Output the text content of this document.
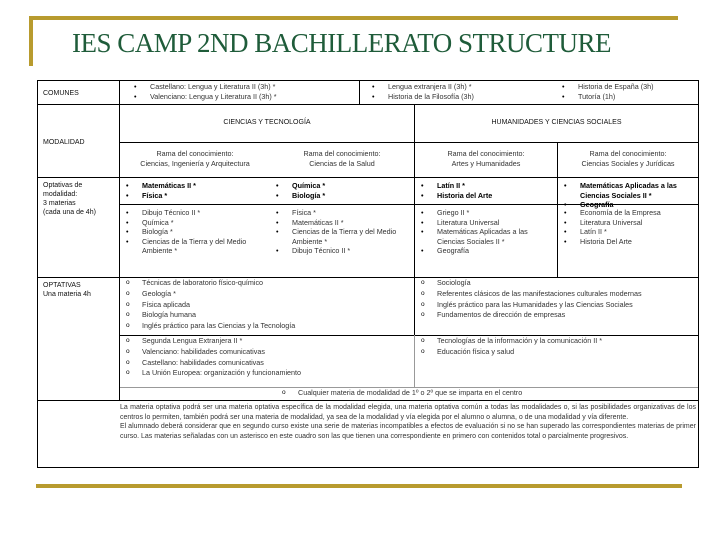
IES CAMP 2ND BACHILLERATO STRUCTURE
COMUNES
• Castellano: Lengua y Literatura II (3h) *
• Valenciano: Lengua y Literatura II (3h) *
• Lengua extranjera II (3h) *
• Historia de la Filosofía (3h)
• Historia de España (3h)
• Tutoría (1h)
MODALIDAD
CIENCIAS Y TECNOLOGÍA	HUMANIDADES Y CIENCIAS SOCIALES
Rama del conocimiento:
Ciencias, Ingeniería y Arquitectura
Rama del conocimiento:
Ciencias de la Salud
Rama del conocimiento:
Artes y Humanidades
Rama del conocimiento:
Ciencias Sociales y Jurídicas
Optativas de
modalidad:
3 materias
(cada una de 4h)
• Matemáticas II *
• Física *
• Química *
• Biología *
• Latín II *
• Historia del Arte
• Matemáticas Aplicadas a las Ciencias Sociales II *
• Geografía
• Dibujo Técnico II *
• Química *
• Biología *
• Ciencias de la Tierra y del Medio Ambiente *
• Física *
• Matemáticas II *
• Ciencias de la Tierra y del Medio Ambiente *
• Dibujo Técnico II *
• Griego II *
• Literatura Universal
• Matemáticas Aplicadas a las Ciencias Sociales II *
• Geografía
• Economía de la Empresa
• Literatura Universal
• Latín II *
• Historia Del Arte
OPTATIVAS
Una materia 4h
o Técnicas de laboratorio físico-químico
o Geología *
o Física aplicada
o Biología humana
o Inglés práctico para las Ciencias y la Tecnología
o Sociología
o Referentes clásicos de las manifestaciones culturales modernas
o Inglés práctico para las Humanidades y las Ciencias Sociales
o Fundamentos de dirección de empresas
o Segunda Lengua Extranjera II *
o Valenciano: habilidades comunicativas
o Castellano: habilidades comunicativas
o La Unión Europea: organización y funcionamiento
o Tecnologías de la información y la comunicación II *
o Educación física y salud
o Cualquier materia de modalidad de 1º o 2º que se imparta en el centro
La materia optativa podrá ser una materia optativa específica de la modalidad elegida, una materia optativa común a todas las modalidades o, si las posibilidades organizativas de los centros lo permiten, también podrá ser una materia de modalidad, ya sea de la modalidad y vía elegida por el alumno o alumna, o de una modalidad y vía diferente.
El alumnado deberá considerar que en segundo curso existe una serie de materias incompatibles a efectos de evaluación si no se han superado las correspondientes materias de primer curso. Las materias señaladas con un asterisco en este cuadro son las que tienen una correspondiente en primero con contenidos total o parcialmente progresivos.
